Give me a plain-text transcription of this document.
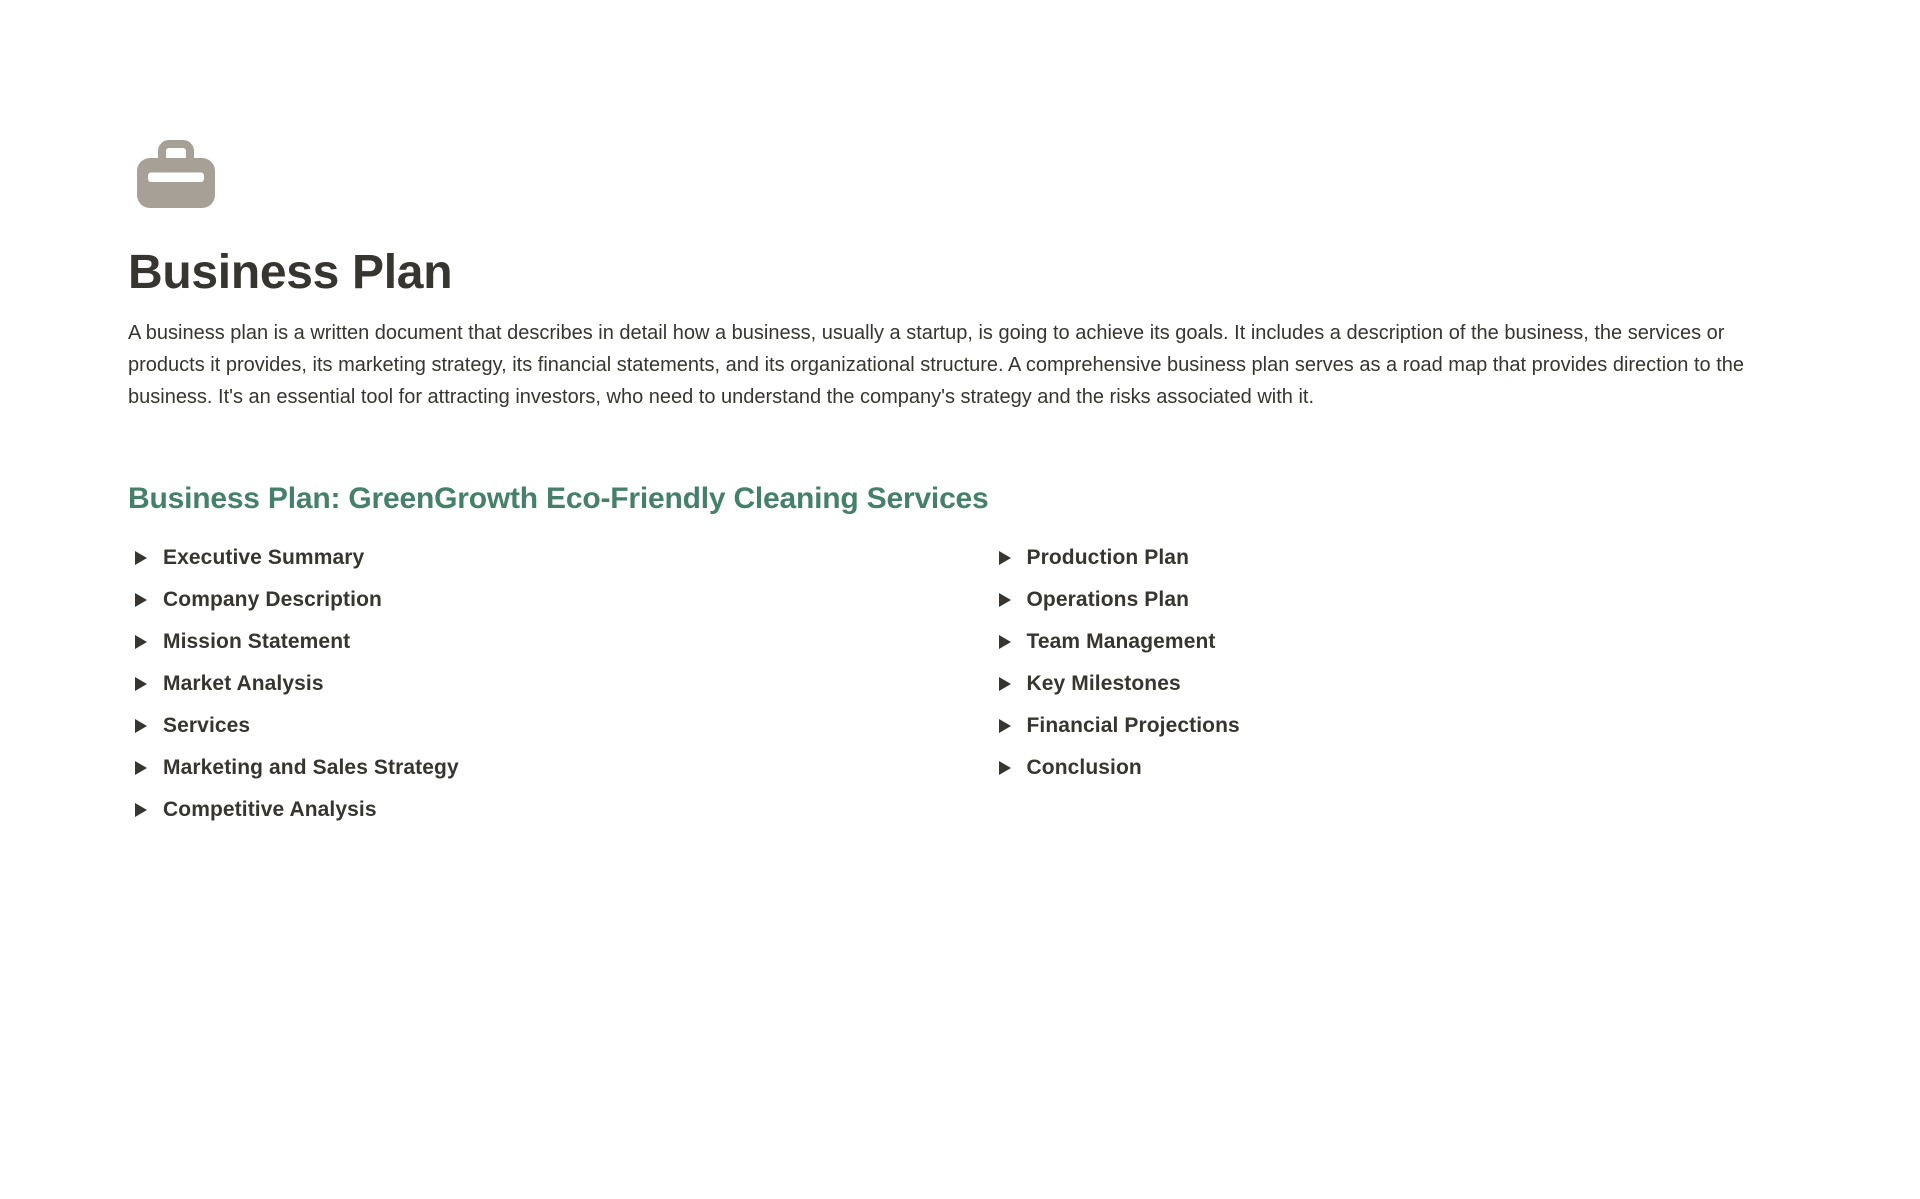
Business Plan

A business plan is a written document that describes in detail how a business, usually a startup, is going to achieve its goals. It includes a description of the business, the services or products it provides, its marketing strategy, its financial statements, and its organizational structure. A comprehensive business plan serves as a road map that provides direction to the business. It's an essential tool for attracting investors, who need to understand the company's strategy and the risks associated with it.

Business Plan: GreenGrowth Eco-Friendly Cleaning Services
Executive Summary
Company Description
Mission Statement
Market Analysis
Services
Marketing and Sales Strategy
Competitive Analysis
Production Plan
Operations Plan
Team Management
Key Milestones
Financial Projections
Conclusion
